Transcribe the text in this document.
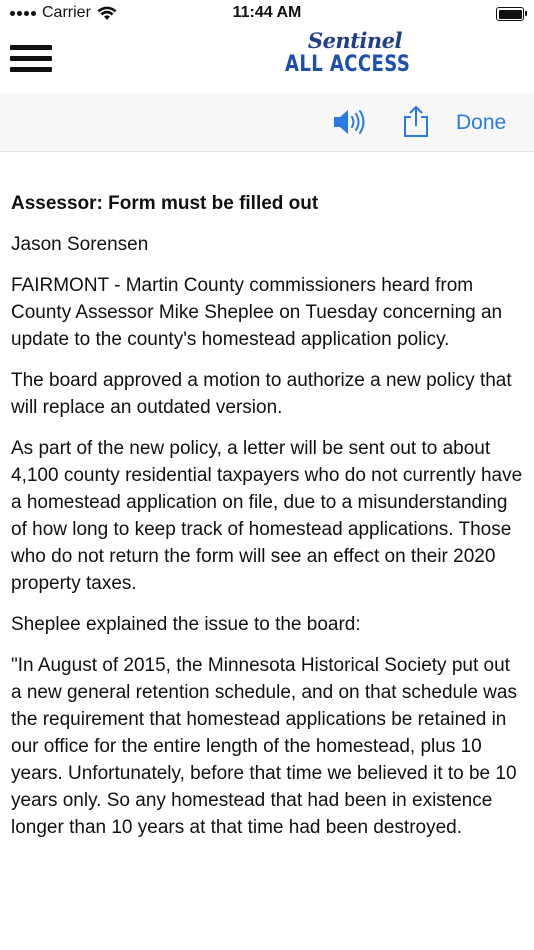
Carrier	11:44 AM
Sentinel
ALL ACCESS
Done
Assessor: Form must be filled out

Jason Sorensen

FAIRMONT - Martin County commissioners heard from County Assessor Mike Sheplee on Tuesday concerning an update to the county's homestead application policy.

The board approved a motion to authorize a new policy that will replace an outdated version.

As part of the new policy, a letter will be sent out to about 4,100 county residential taxpayers who do not currently have a homestead application on file, due to a misunderstanding of how long to keep track of homestead applications. Those who do not return the form will see an effect on their 2020 property taxes.

Sheplee explained the issue to the board:

"In August of 2015, the Minnesota Historical Society put out a new general retention schedule, and on that schedule was the requirement that homestead applications be retained in our office for the entire length of the homestead, plus 10 years. Unfortunately, before that time we believed it to be 10 years only. So any homestead that had been in existence longer than 10 years at that time had been destroyed.
